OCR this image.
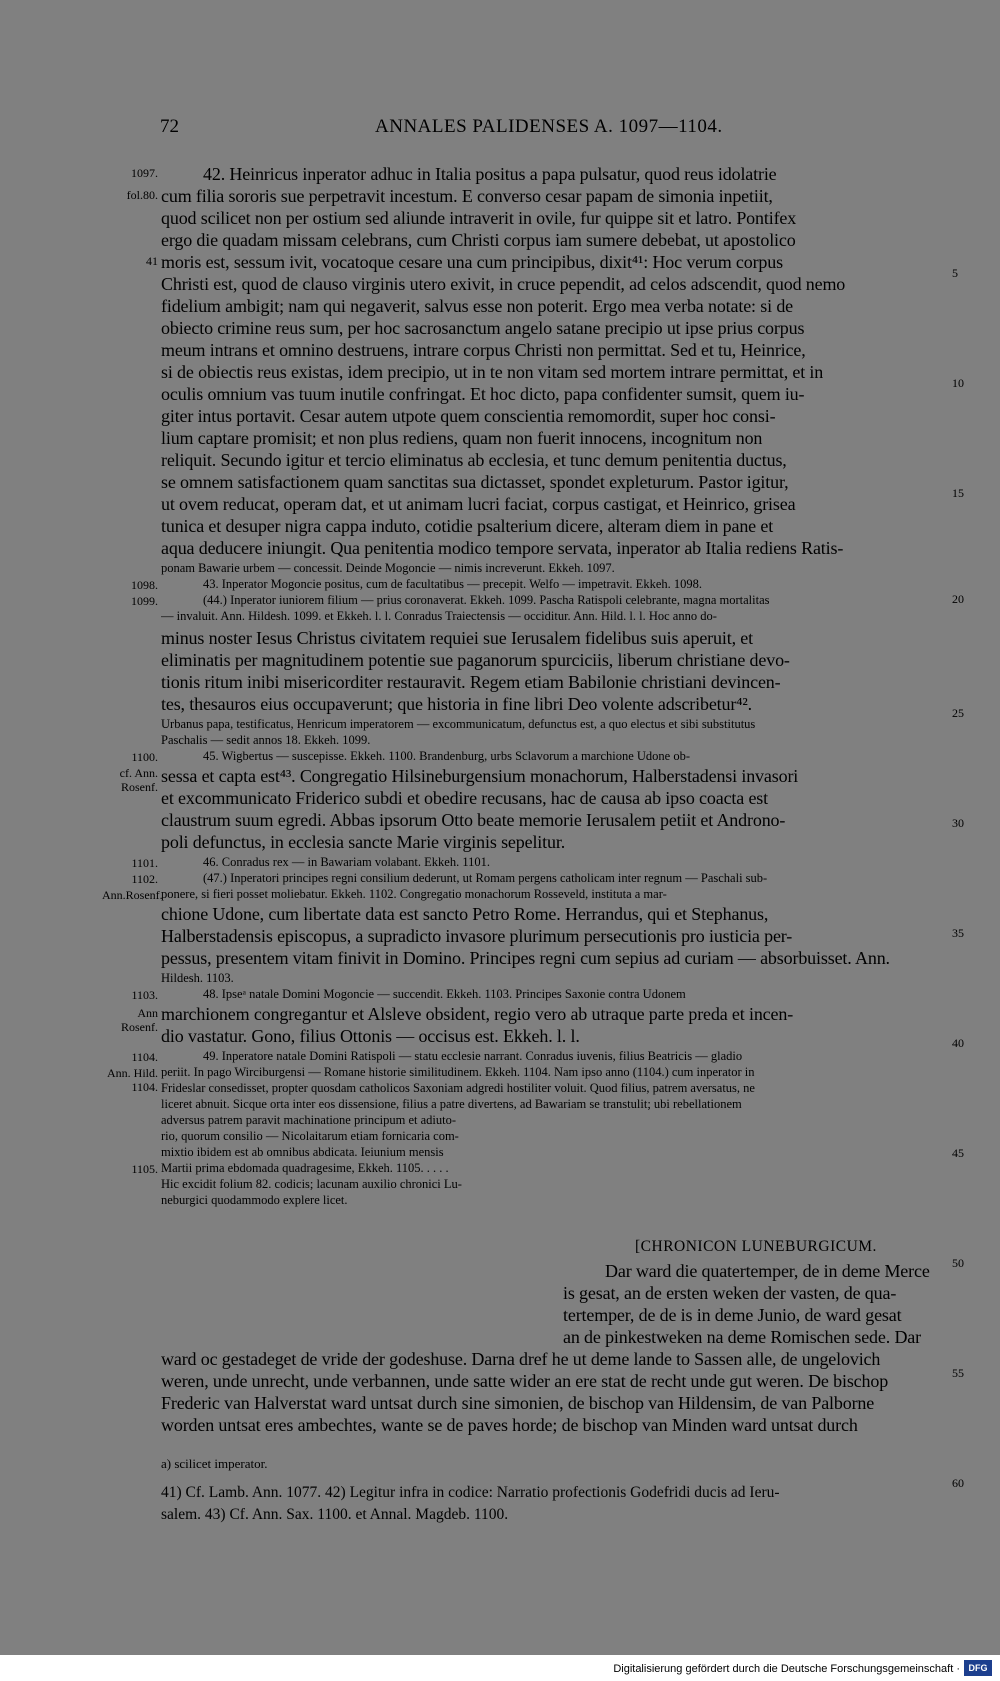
72	ANNALES PALIDENSES A. 1097—1104.
42. Heinricus inperator adhuc in Italia positus a papa pulsatur, quod reus idolatrie
cum filia sororis sue perpetravit incestum. E converso cesar papam de simonia inpetiit,
quod scilicet non per ostium sed aliunde intraverit in ovile, fur quippe sit et latro. Pontifex
ergo die quadam missam celebrans, cum Christi corpus iam sumere debebat, ut apostolico
moris est, sessum ivit, vocatoque cesare una cum principibus, dixit⁴¹: Hoc verum corpus
Christi est, quod de clauso virginis utero exivit, in cruce pependit, ad celos adscendit, quod nemo
fidelium ambigit; nam qui negaverit, salvus esse non poterit. Ergo mea verba notate: si de
obiecto crimine reus sum, per hoc sacrosanctum angelo satane precipio ut ipse prius corpus
meum intrans et omnino destruens, intrare corpus Christi non permittat. Sed et tu, Heinrice,
si de obiectis reus existas, idem precipio, ut in te non vitam sed mortem intrare permittat, et in
oculis omnium vas tuum inutile confringat. Et hoc dicto, papa confidenter sumsit, quem iu-
giter intus portavit. Cesar autem utpote quem conscientia remomordit, super hoc consi-
lium captare promisit; et non plus rediens, quam non fuerit innocens, incognitum non
reliquit. Secundo igitur et tercio eliminatus ab ecclesia, et tunc demum penitentia ductus,
se omnem satisfactionem quam sanctitas sua dictasset, spondet expleturum. Pastor igitur,
ut ovem reducat, operam dat, et ut animam lucri faciat, corpus castigat, et Heinrico, grisea
tunica et desuper nigra cappa induto, cotidie psalterium dicere, alteram diem in pane et
aqua deducere iniungit. Qua penitentia modico tempore servata, inperator ab Italia rediens Ratis-
ponam Bawarie urbem — concessit. Deinde Mogoncie — nimis increverunt. Ekkeh. 1097.
43. Inperator Mogoncie positus, cum de facultatibus — precepit. Welfo — impetravit. Ekkeh. 1098.
(44.) Inperator iuniorem filium — prius coronaverat. Ekkeh. 1099. Pascha Ratispoli celebrante, magna mortalitas
— invaluit. Ann. Hildesh. 1099. et Ekkeh. l. l. Conradus Traiectensis — occiditur. Ann. Hild. l. l. Hoc anno do-
minus noster Iesus Christus civitatem requiei sue Ierusalem fidelibus suis aperuit, et
eliminatis per magnitudinem potentie sue paganorum spurciciis, liberum christiane devo-
tionis ritum inibi misericorditer restauravit. Regem etiam Babilonie christiani devincen-
tes, thesauros eius occupaverunt; que historia in fine libri Deo volente adscribetur⁴².
Urbanus papa, testificatus, Henricum imperatorem — excommunicatum, defunctus est, a quo electus et sibi substitutus
Paschalis — sedit annos 18. Ekkeh. 1099.
45. Wigbertus — suscepisse. Ekkeh. 1100. Brandenburg, urbs Sclavorum a marchione Udone ob-
sessa et capta est⁴³. Congregatio Hilsineburgensium monachorum, Halberstadensi invasori
et excommunicato Friderico subdi et obedire recusans, hac de causa ab ipso coacta est
claustrum suum egredi. Abbas ipsorum Otto beate memorie Ierusalem petiit et Androno-
poli defunctus, in ecclesia sancte Marie virginis sepelitur.
46. Conradus rex — in Bawariam volabant. Ekkeh. 1101.
(47.) Inperatori principes regni consilium dederunt, ut Romam pergens catholicam inter regnum — Paschali sub-
ponere, si fieri posset moliebatur. Ekkeh. 1102. Congregatio monachorum Rosseveld, instituta a mar-
chione Udone, cum libertate data est sancto Petro Rome. Herrandus, qui et Stephanus,
Halberstadensis episcopus, a supradicto invasore plurimum persecutionis pro iusticia per-
pessus, presentem vitam finivit in Domino. Principes regni cum sepius ad curiam — absorbuisset. Ann.
Hildesh. 1103.
48. Ipseᵃ natale Domini Mogoncie — succendit. Ekkeh. 1103. Principes Saxonie contra Udonem
marchionem congregantur et Alsleve obsident, regio vero ab utraque parte preda et incen-
dio vastatur. Gono, filius Ottonis — occisus est. Ekkeh. l. l.
49. Inperatore natale Domini Ratispoli — statu ecclesie narrant. Conradus iuvenis, filius Beatricis — gladio
periit. In pago Wirciburgensi — Romane historie similitudinem. Ekkeh. 1104. Nam ipso anno (1104.) cum inperator in
Frideslar consedisset, propter quosdam catholicos Saxoniam adgredi hostiliter voluit. Quod filius, patrem aversatus, ne
liceret abnuit. Sicque orta inter eos dissensione, filius a patre divertens, ad Bawariam se transtulit; ubi rebellationem
adversus patrem paravit machinatione principum et adiuto-
rio, quorum consilio — Nicolaitarum etiam fornicaria com-
mixtio ibidem est ab omnibus abdicata. Ieiunium mensis
Martii prima ebdomada quadragesime, Ekkeh. 1105. . . . .
Hic excidit folium 82. codicis; lacunam auxilio chronici Lu-
neburgici quodammodo explere licet.
Dar ward die quatertemper, de in deme Merce
is gesat, an de ersten weken der vasten, de qua-
tertemper, de de is in deme Junio, de ward gesat
an de pinkestweken na deme Romischen sede. Dar
ward oc gestadeget de vride der godeshuse. Darna dref he ut deme lande to Sassen alle, de ungelovich
weren, unde unrecht, unde verbannen, unde satte wider an ere stat de recht unde gut weren. De bischop
Frederic van Halverstat ward untsat durch sine simonien, de bischop van Hildensim, de van Palborne
worden untsat eres ambechtes, wante se de paves horde; de bischop van Minden ward untsat durch
1097.
fol.80.
41
1098.
1099.
1100.
cf. Ann. Rosenf.
1101.
1102.
Ann.Rosenf.
1103.
Ann Rosenf.
1104.
Ann. Hild. 1104.
1105.
5
10
15
20
25
30
35
40
45
50
55
60
[CHRONICON LUNEBURGICUM.
a) scilicet imperator.
41) Cf. Lamb. Ann. 1077. 42) Legitur infra in codice: Narratio profectionis Godefridi ducis ad Ieru-
salem. 43) Cf. Ann. Sax. 1100. et Annal. Magdeb. 1100.
Digitalisierung gefördert durch die Deutsche Forschungsgemeinschaft · DFG
